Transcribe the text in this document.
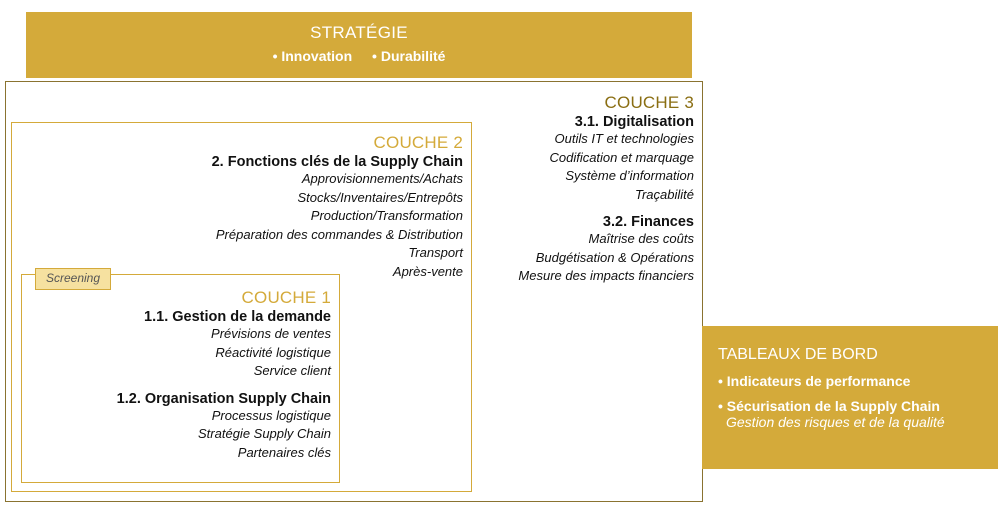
STRATÉGIE
• Innovation • Durabilité
COUCHE 3
3.1. Digitalisation
Outils IT et technologies
Codification et marquage
Système d’information
Traçabilité
3.2. Finances
Maîtrise des coûts
Budgétisation & Opérations
Mesure des impacts financiers
COUCHE 2
2. Fonctions clés de la Supply Chain
Approvisionnements/Achats
Stocks/Inventaires/Entrepôts
Production/Transformation
Préparation des commandes & Distribution
Transport
Après-vente
Screening
COUCHE 1
1.1. Gestion de la demande
Prévisions de ventes
Réactivité logistique
Service client
1.2. Organisation Supply Chain
Processus logistique
Stratégie Supply Chain
Partenaires clés
TABLEAUX DE BORD
• Indicateurs de performance
• Sécurisation de la Supply Chain
Gestion des risques et de la qualité
